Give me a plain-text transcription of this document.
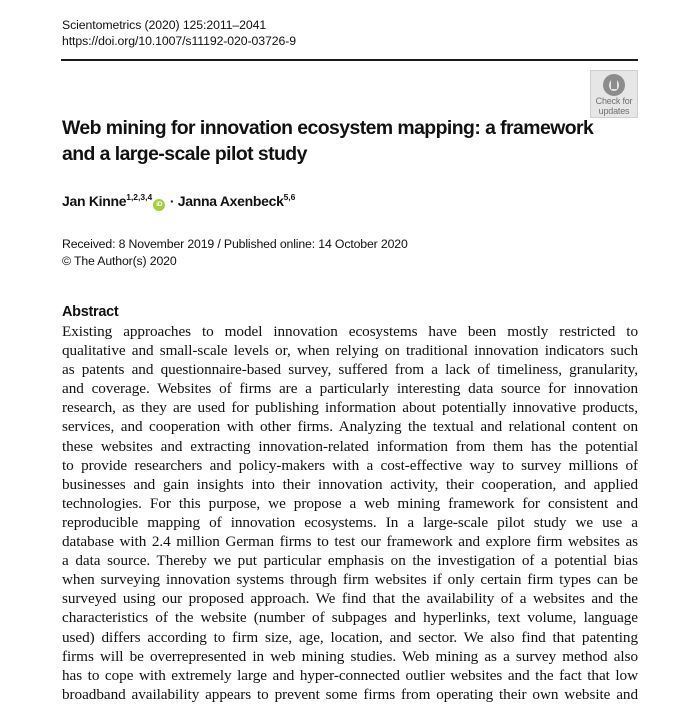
Scientometrics (2020) 125:2011–2041
https://doi.org/10.1007/s11192-020-03726-9
Check for
updates
Web mining for innovation ecosystem mapping: a framework and a large-scale pilot study
Jan Kinne$^{1,2,3,4}$iD · Janna Axenbeck$^{5,6}$
Received: 8 November 2019 / Published online: 14 October 2020
© The Author(s) 2020
Abstract
Existing approaches to model innovation ecosystems have been mostly restricted to
qualitative and small-scale levels or, when relying on traditional innovation indicators such
as patents and questionnaire-based survey, suffered from a lack of timeliness, granularity,
and coverage. Websites of firms are a particularly interesting data source for innovation
research, as they are used for publishing information about potentially innovative products,
services, and cooperation with other firms. Analyzing the textual and relational content on
these websites and extracting innovation-related information from them has the potential
to provide researchers and policy-makers with a cost-effective way to survey millions of
businesses and gain insights into their innovation activity, their cooperation, and applied
technologies. For this purpose, we propose a web mining framework for consistent and
reproducible mapping of innovation ecosystems. In a large-scale pilot study we use a
database with 2.4 million German firms to test our framework and explore firm websites as
a data source. Thereby we put particular emphasis on the investigation of a potential bias
when surveying innovation systems through firm websites if only certain firm types can be
surveyed using our proposed approach. We find that the availability of a websites and the
characteristics of the website (number of subpages and hyperlinks, text volume, language
used) differs according to firm size, age, location, and sector. We also find that patenting
firms will be overrepresented in web mining studies. Web mining as a survey method also
has to cope with extremely large and hyper-connected outlier websites and the fact that low
broadband availability appears to prevent some firms from operating their own website and
